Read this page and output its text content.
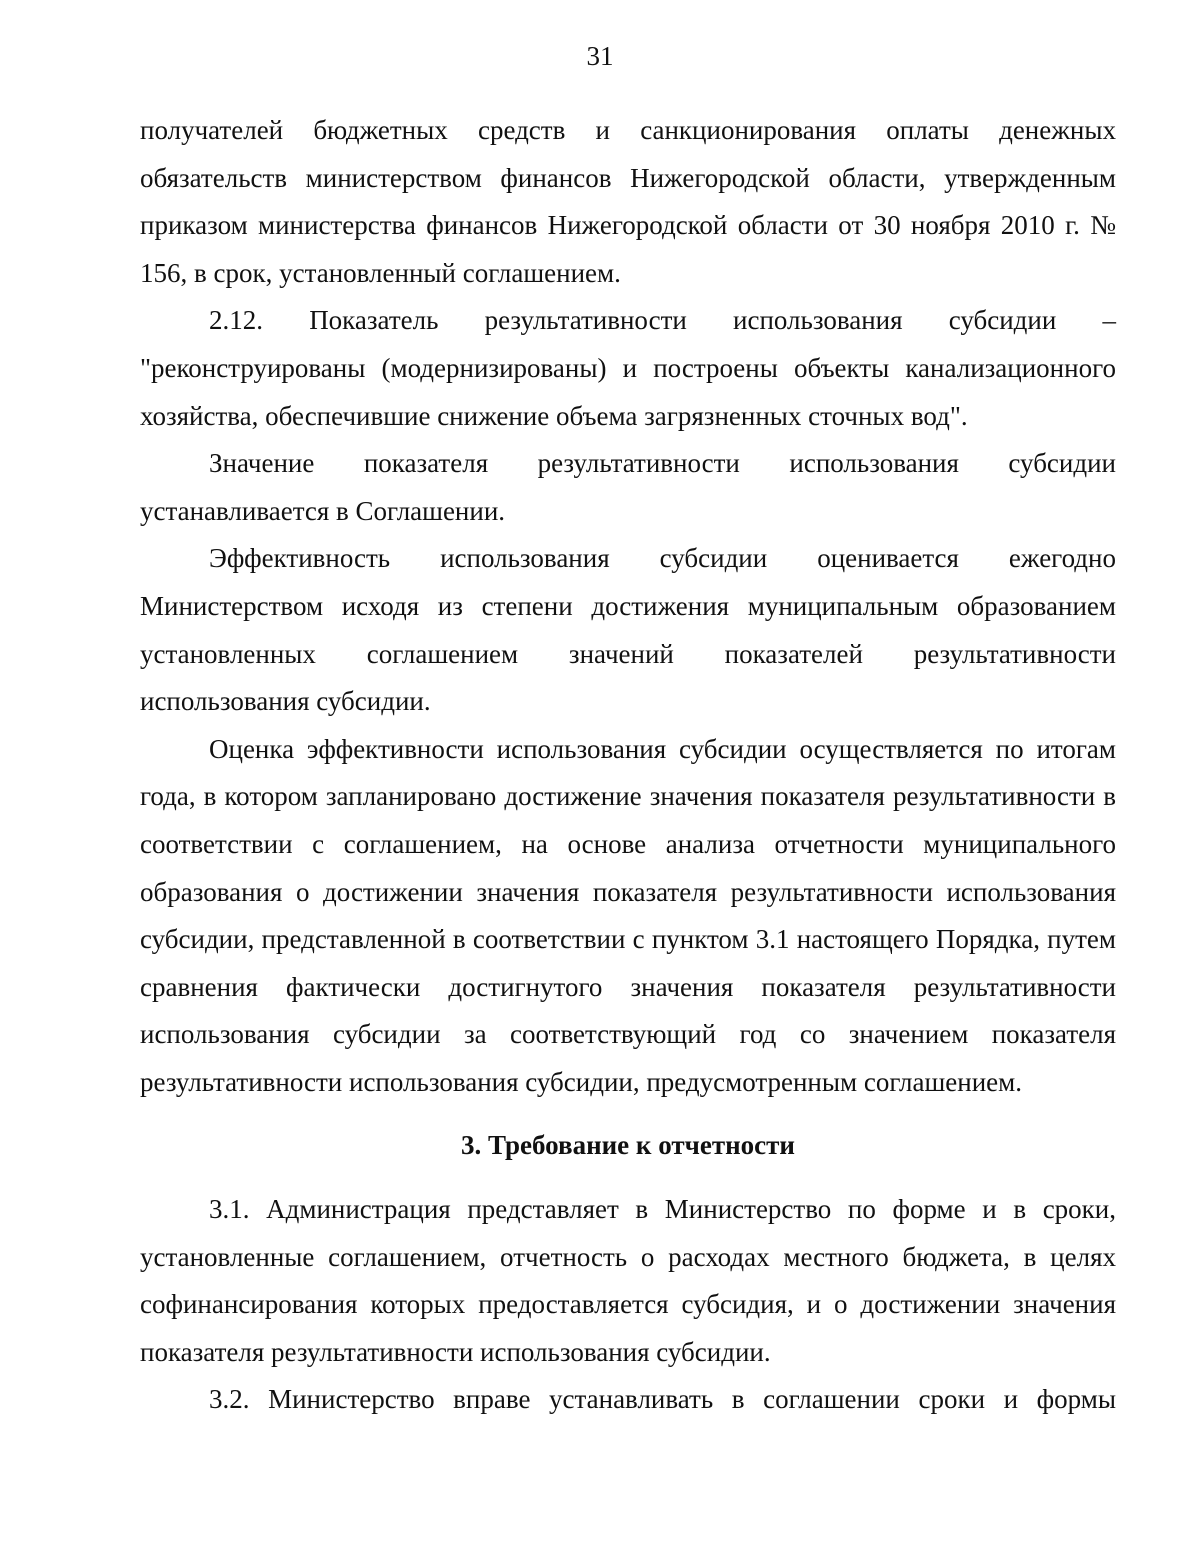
31

получателей бюджетных средств и санкционирования оплаты денежных обязательств министерством финансов Нижегородской области, утвержденным приказом министерства финансов Нижегородской области от 30 ноября 2010 г. № 156, в срок, установленный соглашением.

2.12. Показатель результативности использования субсидии – "реконструированы (модернизированы) и построены объекты канализационного хозяйства, обеспечившие снижение объема загрязненных сточных вод".

Значение показателя результативности использования субсидии устанавливается в Соглашении.

Эффективность использования субсидии оценивается ежегодно Министерством исходя из степени достижения муниципальным образованием установленных соглашением значений показателей результативности использования субсидии.

Оценка эффективности использования субсидии осуществляется по итогам года, в котором запланировано достижение значения показателя результативности в соответствии с соглашением, на основе анализа отчетности муниципального образования о достижении значения показателя результативности использования субсидии, представленной в соответствии с пунктом 3.1 настоящего Порядка, путем сравнения фактически достигнутого значения показателя результативности использования субсидии за соответствующий год со значением показателя результативности использования субсидии, предусмотренным соглашением.

3. Требование к отчетности

3.1. Администрация представляет в Министерство по форме и в сроки, установленные соглашением, отчетность о расходах местного бюджета, в целях софинансирования которых предоставляется субсидия, и о достижении значения показателя результативности использования субсидии.

3.2. Министерство вправе устанавливать в соглашении сроки и формы
